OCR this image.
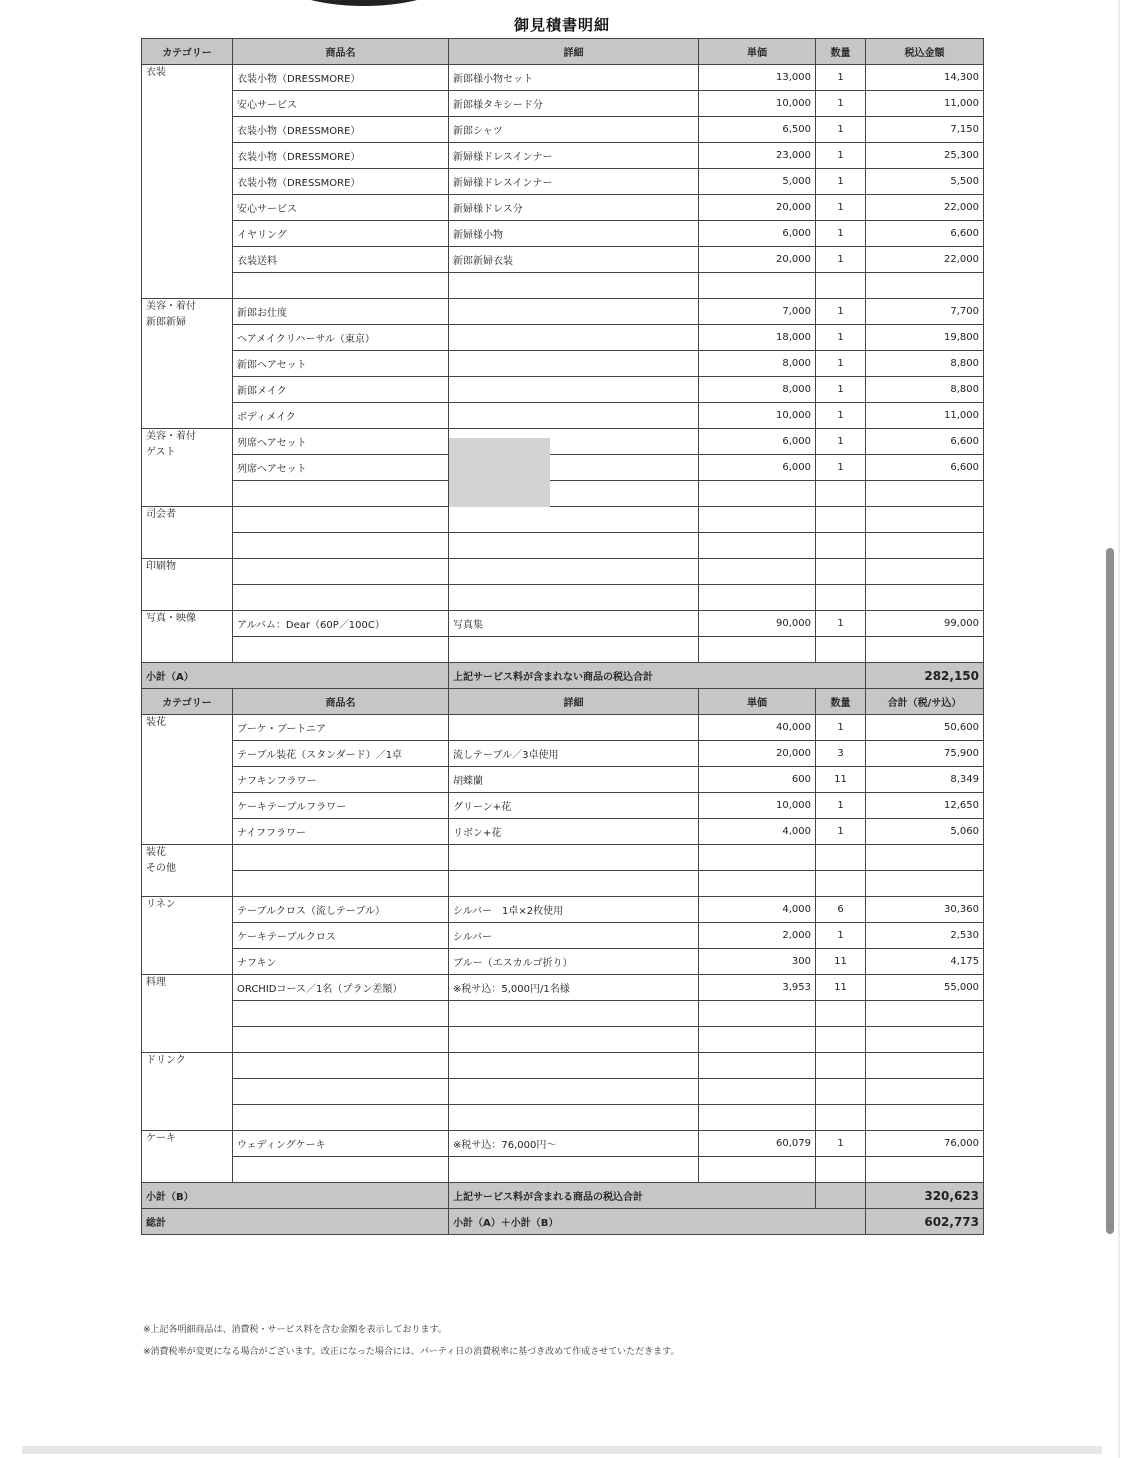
御見積書明細
カテゴリー	商品名	詳細	単価	数量	税込金額
衣装	衣装小物（DRESSMORE）	新郎様小物セット	13,000	1	14,300
	安心サービス	新郎様タキシード分	10,000	1	11,000
	衣装小物（DRESSMORE）	新郎シャツ	6,500	1	7,150
	衣装小物（DRESSMORE）	新婦様ドレスインナー	23,000	1	25,300
	衣装小物（DRESSMORE）	新婦様ドレスインナー	5,000	1	5,500
	安心サービス	新婦様ドレス分	20,000	1	22,000
	イヤリング	新婦様小物	6,000	1	6,600
	衣装送料	新郎新婦衣装	20,000	1	22,000

美容・着付
新郎新婦	新郎お仕度		7,000	1	7,700
	ヘアメイクリハーサル（東京）		18,000	1	19,800
	新郎ヘアセット		8,000	1	8,800
	新郎メイク		8,000	1	8,800
	ボディメイク		10,000	1	11,000
美容・着付
ゲスト	列席ヘアセット		6,000	1	6,600
	列席ヘアセット		6,000	1	6,600

司会者					

印刷物					

写真・映像	アルバム：Dear（60P／100C）	写真集	90,000	1	99,000

小計（A）		上記サービス料が含まれない商品の税込合計			282,150
カテゴリー	商品名	詳細	単価	数量	合計（税/サ込）
装花	ブーケ・ブートニア		40,000	1	50,600
	テーブル装花（スタンダード）／1卓	流しテーブル／3卓使用	20,000	3	75,900
	ナフキンフラワー	胡蝶蘭	600	11	8,349
	ケーキテーブルフラワー	グリーン+花	10,000	1	12,650
	ナイフフラワー	リボン+花	4,000	1	5,060
装花
その他					

リネン	テーブルクロス（流しテーブル）	シルバー　1卓×2枚使用	4,000	6	30,360
	ケーキテーブルクロス	シルバー	2,000	1	2,530
	ナフキン	ブルー（エスカルゴ折り）	300	11	4,175
料理	ORCHIDコース／1名（プラン差額）	※税サ込：5,000円/1名様	3,953	11	55,000

ドリンク					

ケーキ	ウェディングケーキ	※税サ込：76,000円～	60,079	1	76,000

小計（B）		上記サービス料が含まれる商品の税込合計			320,623
総計		小計（A）＋小計（B）			602,773
※上記各明細商品は、消費税・サービス料を含む金額を表示しております。
※消費税率が変更になる場合がございます。改正になった場合には、パーティ日の消費税率に基づき改めて作成させていただきます。
